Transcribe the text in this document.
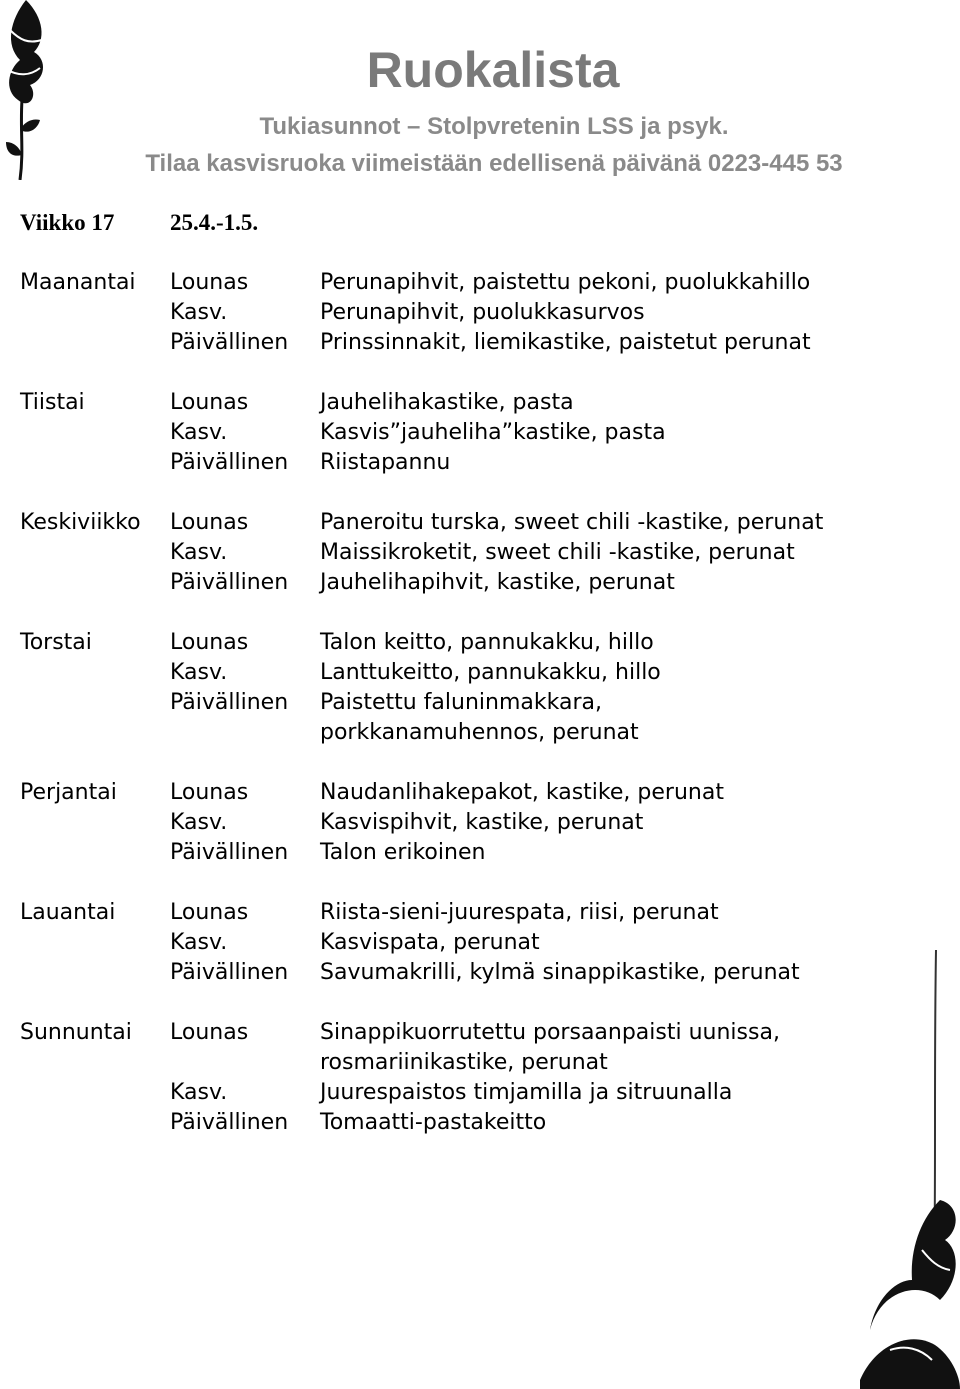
Ruokalista
Tukiasunnot – Stolpvretenin LSS ja psyk.
Tilaa kasvisruoka viimeistään edellisenä päivänä 0223-445 53
Viikko 17 25.4.-1.5.
Maanantai	Lounas	Perunapihvit, paistettu pekoni, puolukkahillo
Kasv.	Perunapihvit, puolukkasurvos
Päivällinen	Prinssinnakit, liemikastike, paistetut perunat
Tiistai	Lounas	Jauhelihakastike, pasta
Kasv.	Kasvis”jauheliha”kastike, pasta
Päivällinen	Riistapannu
Keskiviikko	Lounas	Paneroitu turska, sweet chili -kastike, perunat
Kasv.	Maissikroketit, sweet chili -kastike, perunat
Päivällinen	Jauhelihapihvit, kastike, perunat
Torstai	Lounas	Talon keitto, pannukakku, hillo
Kasv.	Lanttukeitto, pannukakku, hillo
Päivällinen	Paistettu faluninmakkara, porkkanamuhennos, perunat
Perjantai	Lounas	Naudanlihakepakot, kastike, perunat
Kasv.	Kasvispihvit, kastike, perunat
Päivällinen	Talon erikoinen
Lauantai	Lounas	Riista-sieni-juurespata, riisi, perunat
Kasv.	Kasvispata, perunat
Päivällinen	Savumakrilli, kylmä sinappikastike, perunat
Sunnuntai	Lounas	Sinappikuorrutettu porsaanpaisti uunissa, rosmariinikastike, perunat
Kasv.	Juurespaistos timjamilla ja sitruunalla
Päivällinen	Tomaatti-pastakeitto
